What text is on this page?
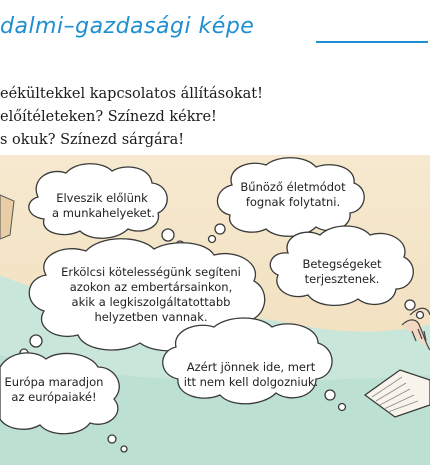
dalmi–gazdasági képe
eékültekkel kapcsolatos állításokat!
előítéleteken? Színezd kékre!
s okuk? Színezd sárgára!
Elveszik előlünk
a munkahelyeket.
Bűnöző életmódot
fognak folytatni.
Erkölcsi kötelességünk segíteni
azokon az embertársainkon,
akik a legkiszolgáltatottabb
helyzetben vannak.
Betegségeket
terjesztenek.
Európa maradjon
az európaiaké!
Azért jönnek ide, mert
itt nem kell dolgozniuk.
